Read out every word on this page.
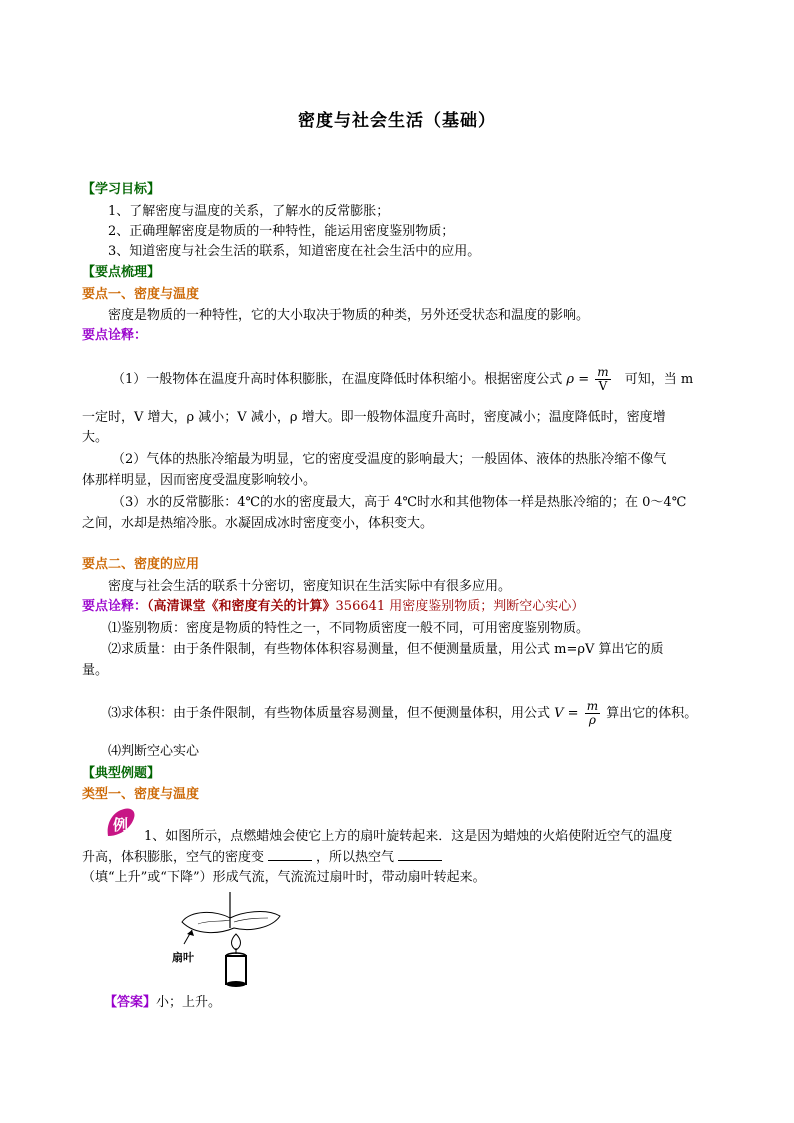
密度与社会生活（基础）
【学习目标】
1、了解密度与温度的关系，了解水的反常膨胀；
2、正确理解密度是物质的一种特性，能运用密度鉴别物质；
3、知道密度与社会生活的联系，知道密度在社会生活中的应用。
【要点梳理】
要点一、密度与温度
密度是物质的一种特性，它的大小取决于物质的种类，另外还受状态和温度的影响。
要点诠释：
（1）一般物体在温度升高时体积膨胀，在温度降低时体积缩小。根据密度公式 $\rho = \frac{m}{V}$ 可知，当 m
一定时，V 增大，ρ 减小；V 减小，ρ 增大。即一般物体温度升高时，密度减小；温度降低时，密度增
大。
（2）气体的热胀冷缩最为明显，它的密度受温度的影响最大；一般固体、液体的热胀冷缩不像气
体那样明显，因而密度受温度影响较小。
（3）水的反常膨胀：4℃的水的密度最大，高于 4℃时水和其他物体一样是热胀冷缩的；在 0～4℃
之间，水却是热缩冷胀。水凝固成冰时密度变小，体积变大。
要点二、密度的应用
密度与社会生活的联系十分密切，密度知识在生活实际中有很多应用。
要点诠释：（高清课堂《和密度有关的计算》356641 用密度鉴别物质；判断空心实心）
⑴鉴别物质：密度是物质的特性之一，不同物质密度一般不同，可用密度鉴别物质。
⑵求质量：由于条件限制，有些物体体积容易测量，但不便测量质量，用公式 m=ρV 算出它的质
量。
⑶求体积：由于条件限制，有些物体质量容易测量，但不便测量体积，用公式 $V = \frac{m}{\rho}$ 算出它的体积。
⑷判断空心实心
【典型例题】
类型一、密度与温度
例
1、如图所示，点燃蜡烛会使它上方的扇叶旋转起来．这是因为蜡烛的火焰使附近空气的温度
升高，体积膨胀，空气的密度变	，所以热空气
（填“上升”或“下降”）形成气流，气流流过扇叶时，带动扇叶转起来。
扇叶
【答案】小；上升。
